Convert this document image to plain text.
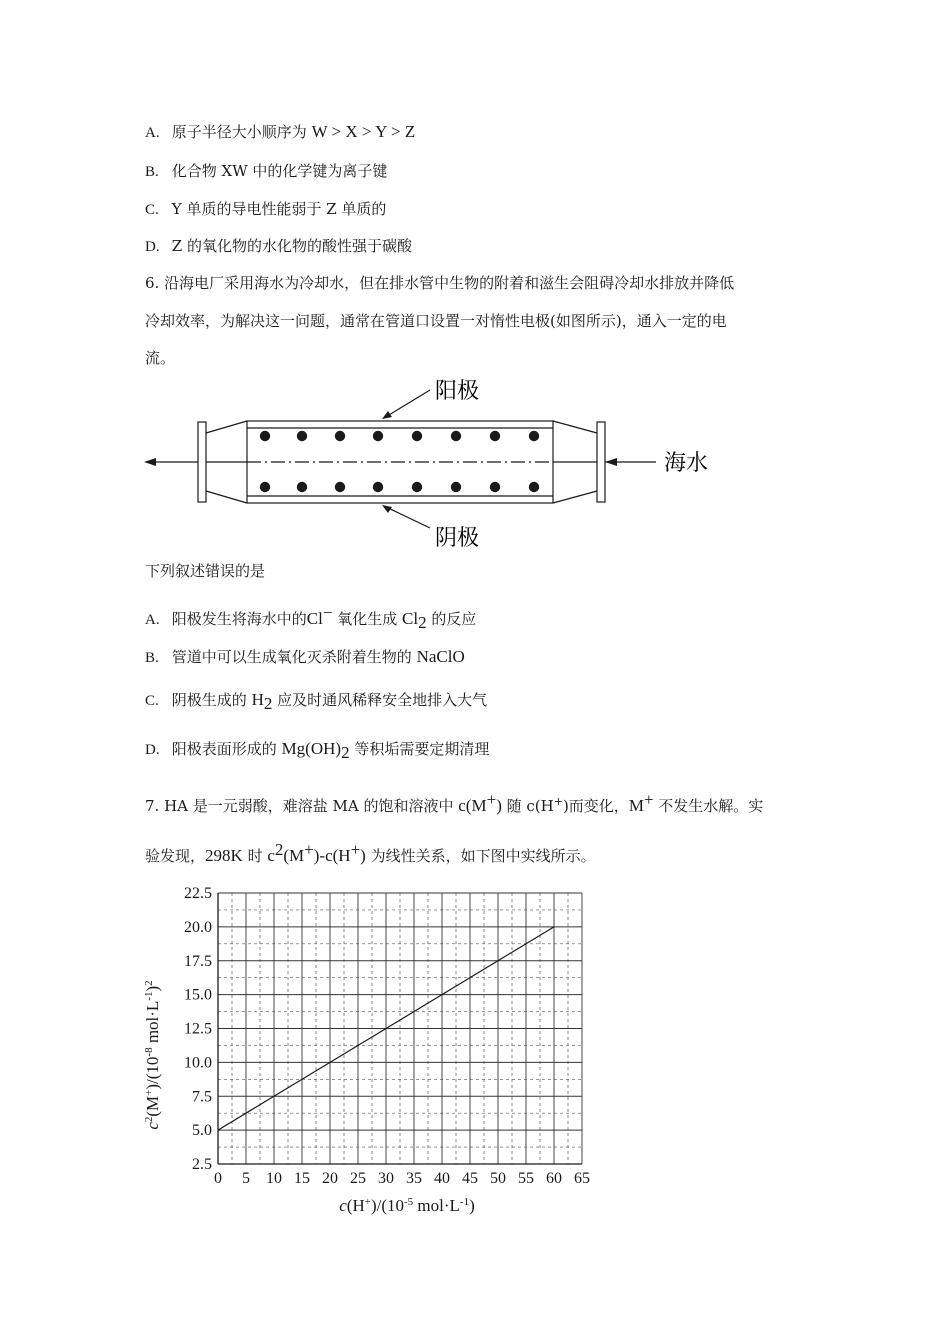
A. 原子半径大小顺序为 W > X > Y > Z
B. 化合物 XW 中的化学键为离子键
C. Y 单质的导电性能弱于 Z 单质的
D. Z 的氧化物的水化物的酸性强于碳酸
6. 沿海电厂采用海水为冷却水，但在排水管中生物的附着和滋生会阻碍冷却水排放并降低
冷却效率，为解决这一问题，通常在管道口设置一对惰性电极(如图所示)，通入一定的电
流。
阳极
阴极
海水
下列叙述错误的是
A. 阳极发生将海水中的Cl− 氧化生成 $Cl_2$ 的反应
B. 管道中可以生成氧化灭杀附着生物的 NaClO
C. 阴极生成的 $H_2$ 应及时通风稀释安全地排入大气
D. 阳极表面形成的 $Mg(OH)_2$ 等积垢需要定期清理
7. HA 是一元弱酸，难溶盐 MA 的饱和溶液中 c(M+) 随 c(H+)而变化，M+ 不发生水解。实
验发现，298K 时 $c^2(M^+)-c(H^+)$ 为线性关系，如下图中实线所示。
0 5 10 15 20 25 30 35 40 45 50 55 60 65
2.5
5.0
7.5
10.0
12.5
15.0
17.5
20.0
22.5
$c^2(M^+)/(10^{-8}$ $mol\cdot L^{-1})^2$
$c(H^+)/(10^{-5}$ $mol\cdot L^{-1}$)
